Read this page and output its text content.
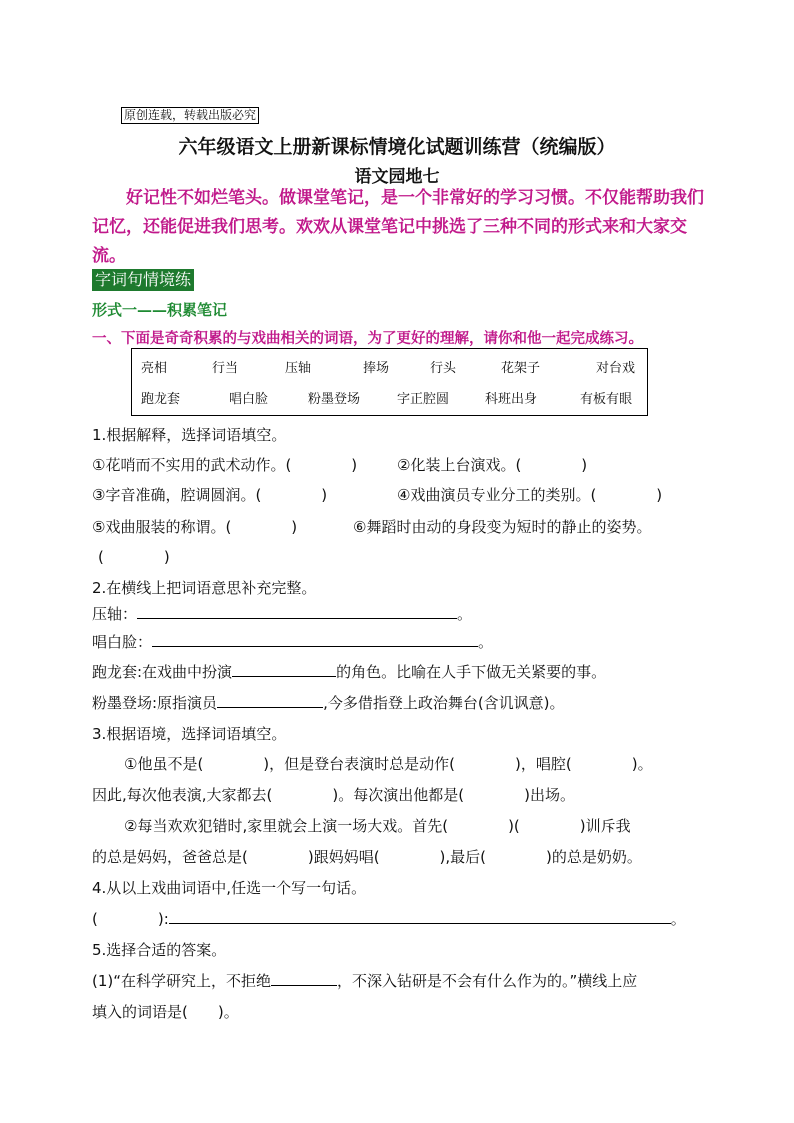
原创连载，转载出版必究
六年级语文上册新课标情境化试题训练营（统编版）
语文园地七
好记性不如烂笔头。做课堂笔记，是一个非常好的学习习惯。不仅能帮助我们记忆，还能促进我们思考。欢欢从课堂笔记中挑选了三种不同的形式来和大家交流。
字词句情境练
形式一——积累笔记
一、下面是奇奇积累的与戏曲相关的词语，为了更好的理解，请你和他一起完成练习。
亮相	行当	压轴	捧场	行头	花架子	对台戏
跑龙套	唱白脸	粉墨登场	字正腔圆	科班出身	有板有眼
1.根据解释，选择词语填空。
①花哨而不实用的武术动作。(　　　　)	②化装上台演戏。(　　　　)
③字音准确，腔调圆润。(　　　　)	④戏曲演员专业分工的类别。(　　　　)
⑤戏曲服装的称谓。(　　　　)	⑥舞蹈时由动的身段变为短时的静止的姿势。
(　　　　)
2.在横线上把词语意思补充完整。
压轴：	。
唱白脸：	。
跑龙套:在戏曲中扮演	的角色。比喻在人手下做无关紧要的事。
粉墨登场:原指演员	,今多借指登上政治舞台(含讥讽意)。
3.根据语境，选择词语填空。
①他虽不是(　　　　)，但是登台表演时总是动作(　　　　)，唱腔(　　　　)。
因此,每次他表演,大家都去(　　　　)。每次演出他都是(　　　　)出场。
②每当欢欢犯错时,家里就会上演一场大戏。首先(　　　　)(　　　　)训斥我
的总是妈妈，爸爸总是(　　　　)跟妈妈唱(　　　　),最后(　　　　)的总是奶奶。
4.从以上戏曲词语中,任选一个写一句话。
(　　　　):	。
5.选择合适的答案。
(1)“在科学研究上，不拒绝	，不深入钻研是不会有什么作为的。”横线上应
填入的词语是(　　)。
